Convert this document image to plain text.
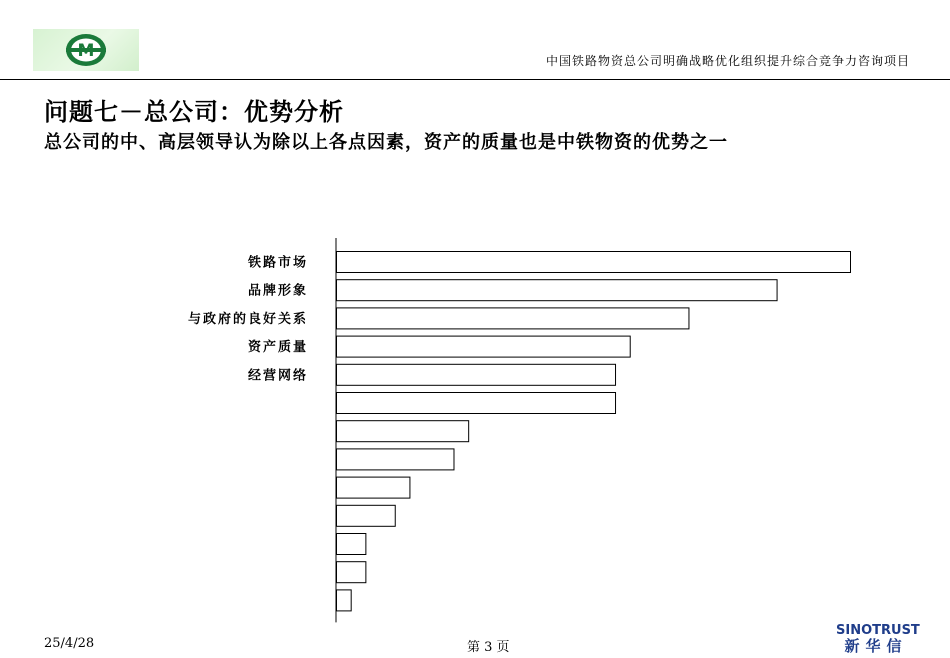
M	中国铁路物资总公司明确战略优化组织提升综合竞争力咨询项目
问题七－总公司：优势分析
总公司的中、高层领导认为除以上各点因素，资产的质量也是中铁物资的优势之一
铁路市场
品牌形象
与政府的良好关系
资产质量
经营网络
25/4/28	第 3 页
SINOTRUST
新华信
